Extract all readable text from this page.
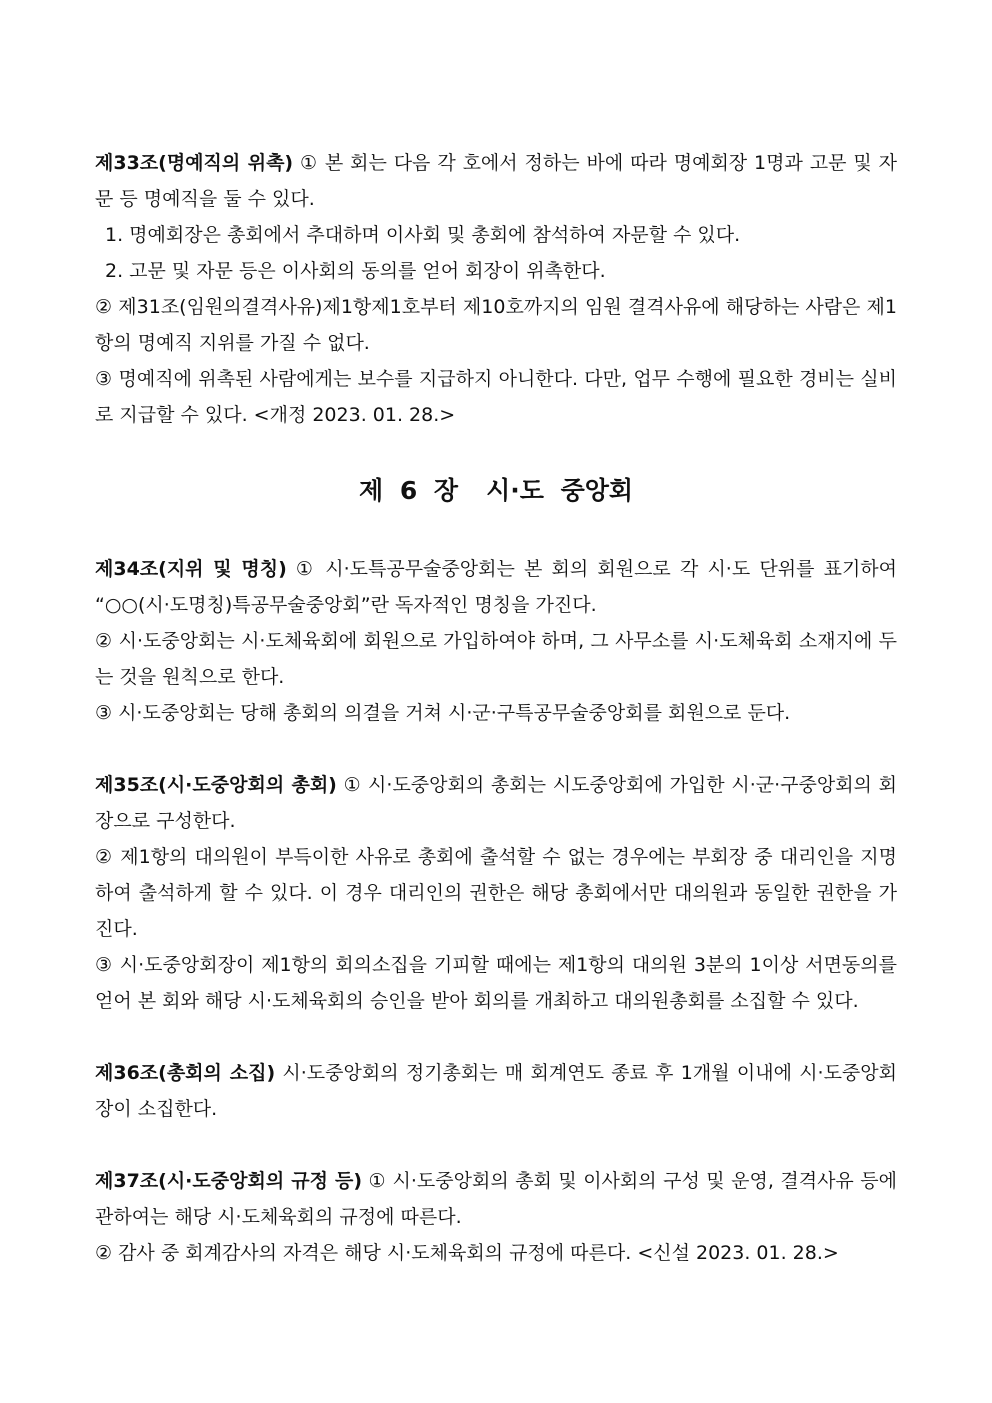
제33조(명예직의 위촉) ① 본 회는 다음 각 호에서 정하는 바에 따라 명예회장 1명과 고문 및 자문 등 명예직을 둘 수 있다.

1. 명예회장은 총회에서 추대하며 이사회 및 총회에 참석하여 자문할 수 있다.

2. 고문 및 자문 등은 이사회의 동의를 얻어 회장이 위촉한다.

② 제31조(임원의결격사유)제1항제1호부터 제10호까지의 임원 결격사유에 해당하는 사람은 제1항의 명예직 지위를 가질 수 없다.

③ 명예직에 위촉된 사람에게는 보수를 지급하지 아니한다. 다만, 업무 수행에 필요한 경비는 실비로 지급할 수 있다. <개정 2023. 01. 28.>

제 6 장 시·도 중앙회

제34조(지위 및 명칭) ① 시·도특공무술중앙회는 본 회의 회원으로 각 시·도 단위를 표기하여 “○○(시·도명칭)특공무술중앙회”란 독자적인 명칭을 가진다.

② 시·도중앙회는 시·도체육회에 회원으로 가입하여야 하며, 그 사무소를 시·도체육회 소재지에 두는 것을 원칙으로 한다.

③ 시·도중앙회는 당해 총회의 의결을 거쳐 시·군·구특공무술중앙회를 회원으로 둔다.

제35조(시·도중앙회의 총회) ① 시·도중앙회의 총회는 시도중앙회에 가입한 시·군·구중앙회의 회장으로 구성한다.

② 제1항의 대의원이 부득이한 사유로 총회에 출석할 수 없는 경우에는 부회장 중 대리인을 지명하여 출석하게 할 수 있다. 이 경우 대리인의 권한은 해당 총회에서만 대의원과 동일한 권한을 가진다.

③ 시·도중앙회장이 제1항의 회의소집을 기피할 때에는 제1항의 대의원 3분의 1이상 서면동의를 얻어 본 회와 해당 시·도체육회의 승인을 받아 회의를 개최하고 대의원총회를 소집할 수 있다.

제36조(총회의 소집) 시·도중앙회의 정기총회는 매 회계연도 종료 후 1개월 이내에 시·도중앙회장이 소집한다.

제37조(시·도중앙회의 규정 등) ① 시·도중앙회의 총회 및 이사회의 구성 및 운영, 결격사유 등에 관하여는 해당 시·도체육회의 규정에 따른다.

② 감사 중 회계감사의 자격은 해당 시·도체육회의 규정에 따른다. <신설 2023. 01. 28.>
